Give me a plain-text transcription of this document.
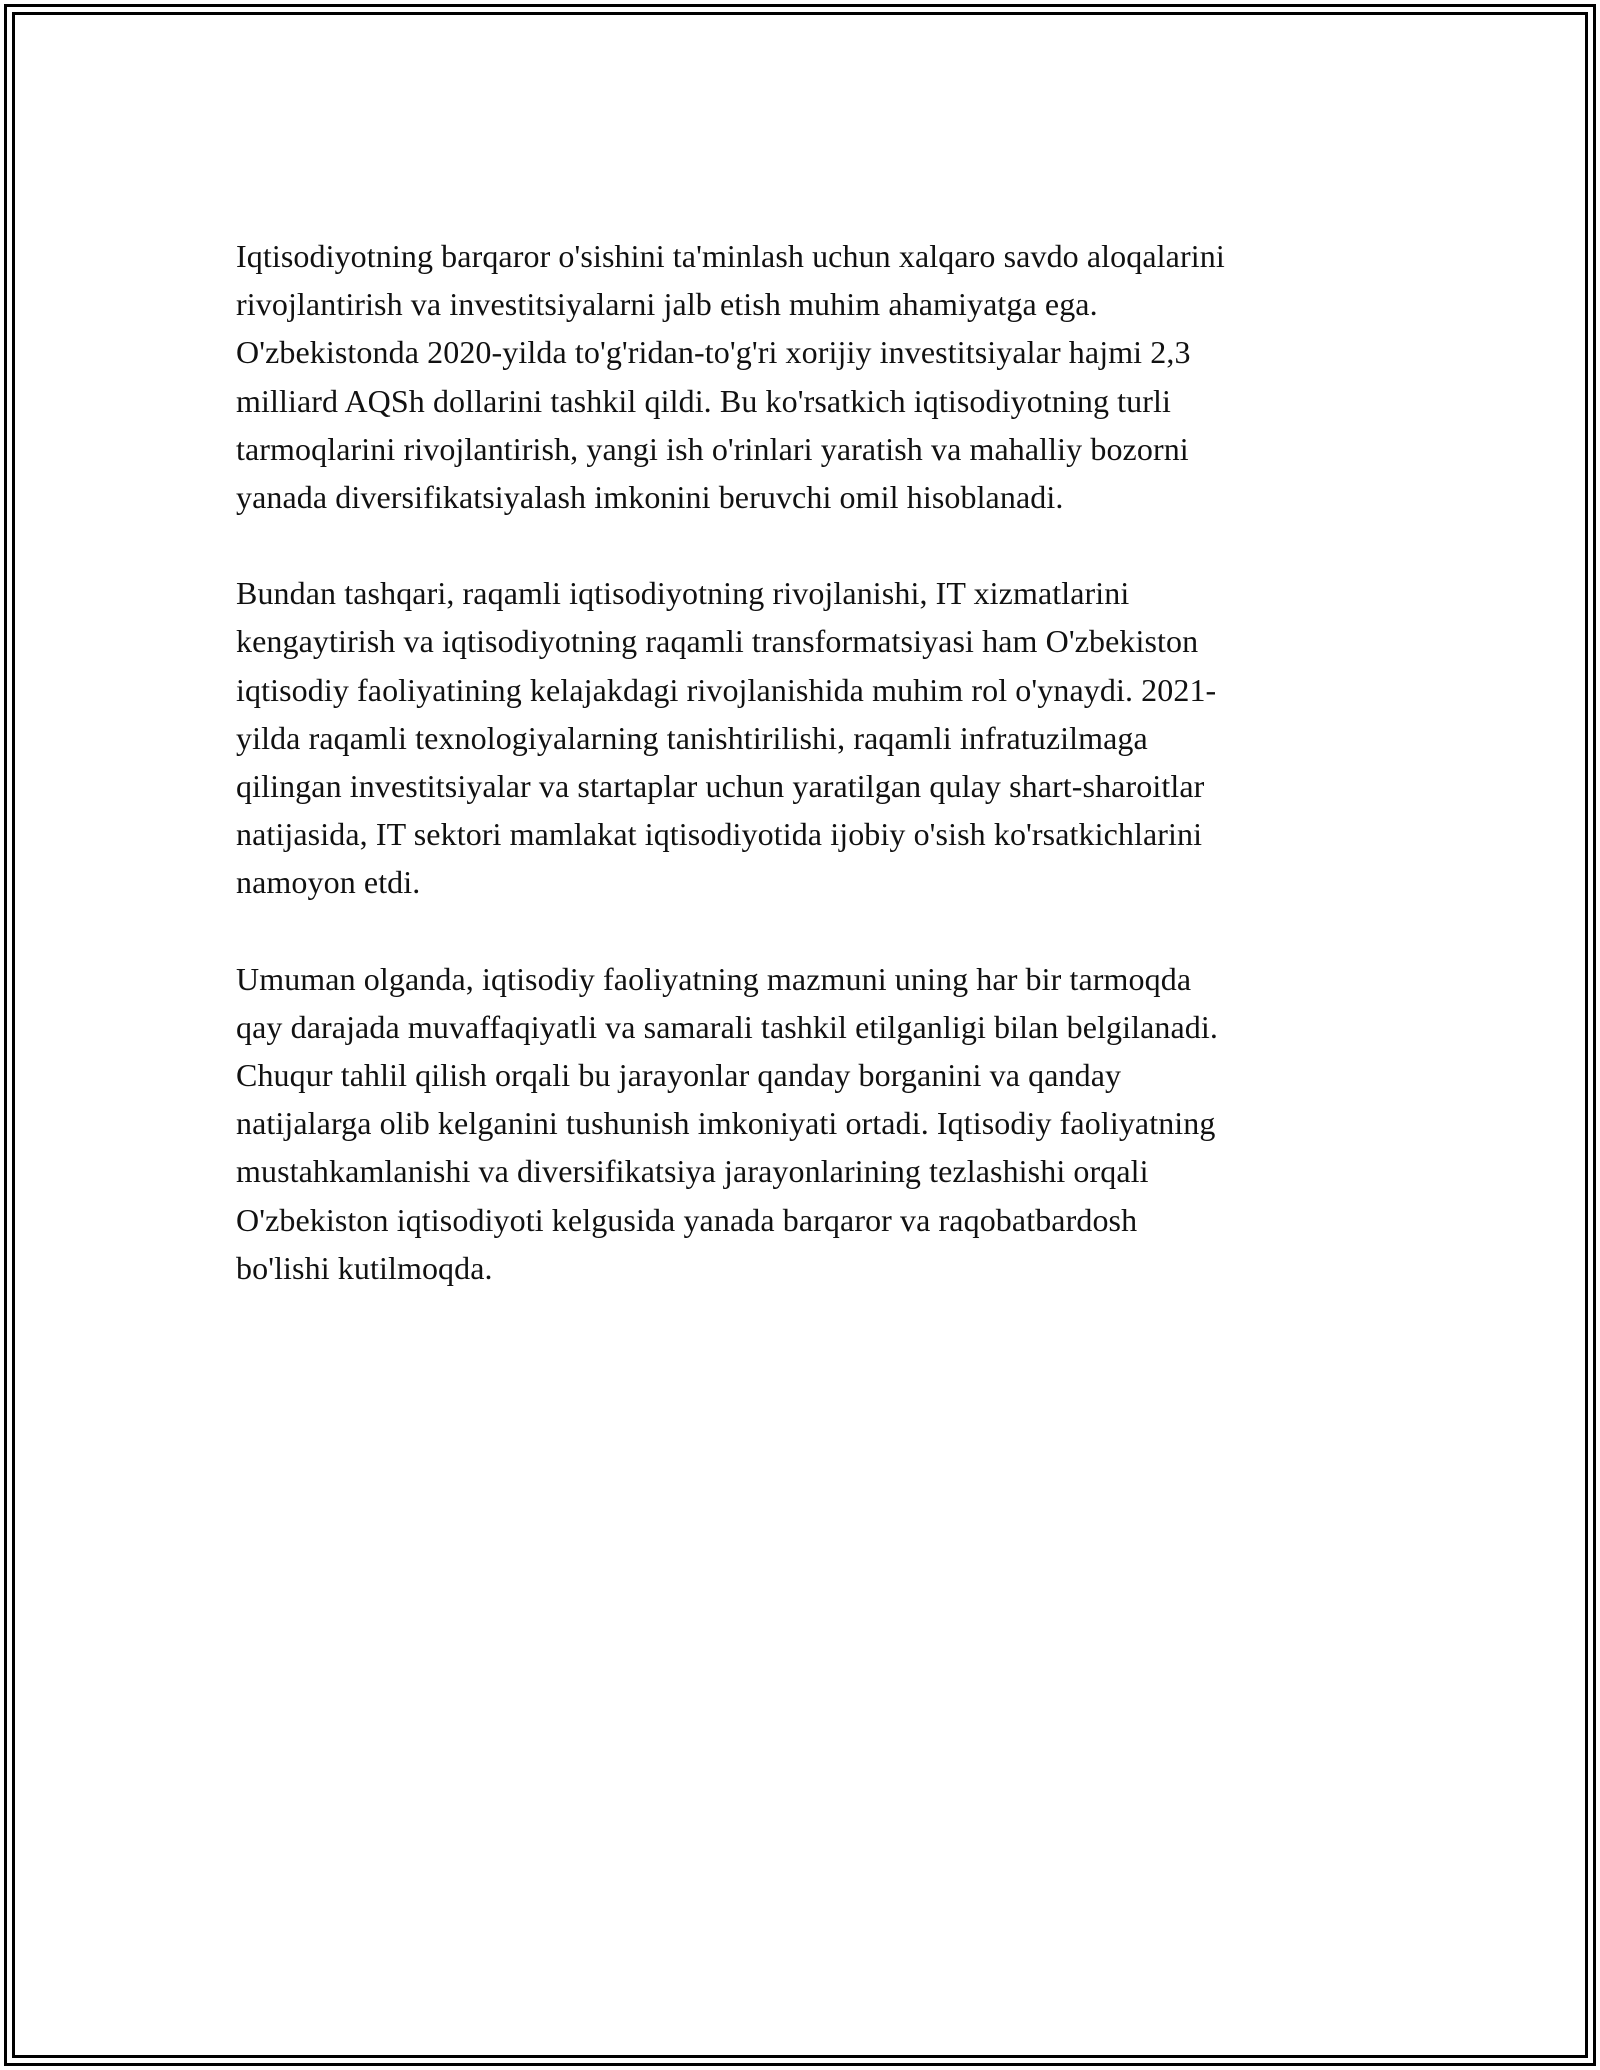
Iqtisodiyotning barqaror o'sishini ta'minlash uchun xalqaro savdo aloqalarini
rivojlantirish va investitsiyalarni jalb etish muhim ahamiyatga ega.
O'zbekistonda 2020-yilda to'g'ridan-to'g'ri xorijiy investitsiyalar hajmi 2,3
milliard AQSh dollarini tashkil qildi. Bu ko'rsatkich iqtisodiyotning turli
tarmoqlarini rivojlantirish, yangi ish o'rinlari yaratish va mahalliy bozorni
yanada diversifikatsiyalash imkonini beruvchi omil hisoblanadi.

Bundan tashqari, raqamli iqtisodiyotning rivojlanishi, IT xizmatlarini
kengaytirish va iqtisodiyotning raqamli transformatsiyasi ham O'zbekiston
iqtisodiy faoliyatining kelajakdagi rivojlanishida muhim rol o'ynaydi. 2021-
yilda raqamli texnologiyalarning tanishtirilishi, raqamli infratuzilmaga
qilingan investitsiyalar va startaplar uchun yaratilgan qulay shart-sharoitlar
natijasida, IT sektori mamlakat iqtisodiyotida ijobiy o'sish ko'rsatkichlarini
namoyon etdi.

Umuman olganda, iqtisodiy faoliyatning mazmuni uning har bir tarmoqda
qay darajada muvaffaqiyatli va samarali tashkil etilganligi bilan belgilanadi.
Chuqur tahlil qilish orqali bu jarayonlar qanday borganini va qanday
natijalarga olib kelganini tushunish imkoniyati ortadi. Iqtisodiy faoliyatning
mustahkamlanishi va diversifikatsiya jarayonlarining tezlashishi orqali
O'zbekiston iqtisodiyoti kelgusida yanada barqaror va raqobatbardosh
bo'lishi kutilmoqda.
